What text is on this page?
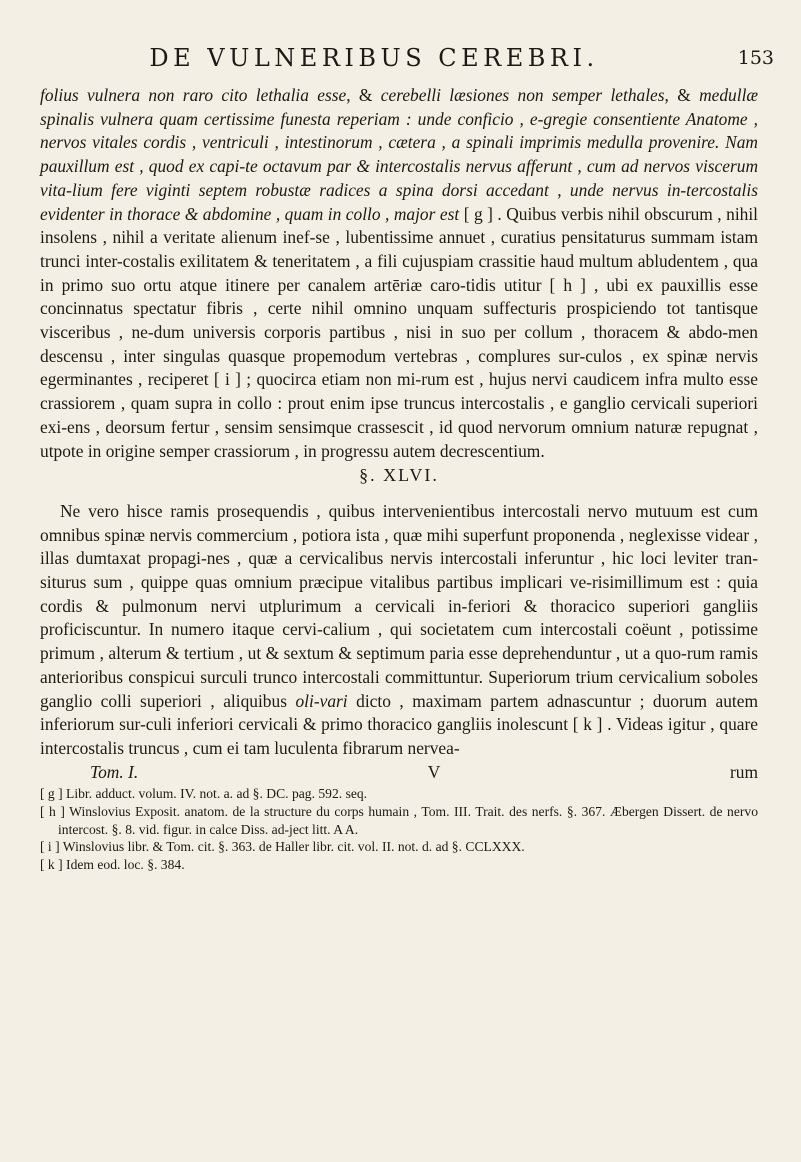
DE VULNERIBUS CEREBRI.	153

folius vulnera non raro cito lethalia esse, & cerebelli læsiones non semper lethales, & medullæ spinalis vulnera quam certissime funesta reperiam : unde conficio , e-gregie consentiente Anatome , nervos vitales cordis , ventriculi , intestinorum , cætera , a spinali imprimis medulla provenire. Nam pauxillum est , quod ex capi-te octavum par & intercostalis nervus afferunt , cum ad nervos viscerum vita-lium fere viginti septem robustæ radices a spina dorsi accedant , unde nervus in-tercostalis evidenter in thorace & abdomine , quam in collo , major est [ g ] . Quibus verbis nihil obscurum , nihil insolens , nihil a veritate alienum inef-se , lubentissime annuet , curatius pensitaturus summam istam trunci inter-costalis exilitatem & teneritatem , a fili cujuspiam crassitie haud multum abludentem , qua in primo suo ortu atque itinere per canalem artēriæ caro-tidis utitur [ h ] , ubi ex pauxillis esse concinnatus spectatur fibris , certe nihil omnino unquam suffecturis prospiciendo tot tantisque visceribus , ne-dum universis corporis partibus , nisi in suo per collum , thoracem & abdo-men descensu , inter singulas quasque propemodum vertebras , complures sur-culos , ex spinæ nervis egerminantes , reciperet [ i ] ; quocirca etiam non mi-rum est , hujus nervi caudicem infra multo esse crassiorem , quam supra in collo : prout enim ipse truncus intercostalis , e ganglio cervicali superiori exi-ens , deorsum fertur , sensim sensimque crassescit , id quod nervorum omnium naturæ repugnat , utpote in origine semper crassiorum , in progressu autem decrescentium.

§. XLVI.

Ne vero hisce ramis prosequendis , quibus intervenientibus intercostali nervo mutuum est cum omnibus spinæ nervis commercium , potiora ista , quæ mihi superfunt proponenda , neglexisse videar , illas dumtaxat propagi-nes , quæ a cervicalibus nervis intercostali inferuntur , hic loci leviter tran-siturus sum , quippe quas omnium præcipue vitalibus partibus implicari ve-risimillimum est : quia cordis & pulmonum nervi utplurimum a cervicali in-feriori & thoracico superiori gangliis proficiscuntur. In numero itaque cervi-calium , qui societatem cum intercostali coëunt , potissime primum , alterum & tertium , ut & sextum & septimum paria esse deprehenduntur , ut a quo-rum ramis anterioribus conspicui surculi trunco intercostali committuntur. Superiorum trium cervicalium soboles ganglio colli superiori , aliquibus oli-vari dicto , maximam partem adnascuntur ; duorum autem inferiorum sur-culi inferiori cervicali & primo thoracico gangliis inolescunt [ k ] . Videas igitur , quare intercostalis truncus , cum ei tam luculenta fibrarum nervea-

Tom. I.	V	rum

[ g ] Libr. adduct. volum. IV. not. a. ad §. DC. pag. 592. seq.

[ h ] Winslovius Exposit. anatom. de la structure du corps humain , Tom. III. Trait. des nerfs. §. 367. Æbergen Dissert. de nervo intercost. §. 8. vid. figur. in calce Diss. ad-ject litt. A A.

[ i ] Winslovius libr. & Tom. cit. §. 363. de Haller libr. cit. vol. II. not. d. ad §. CCLXXX.

[ k ] Idem eod. loc. §. 384.
